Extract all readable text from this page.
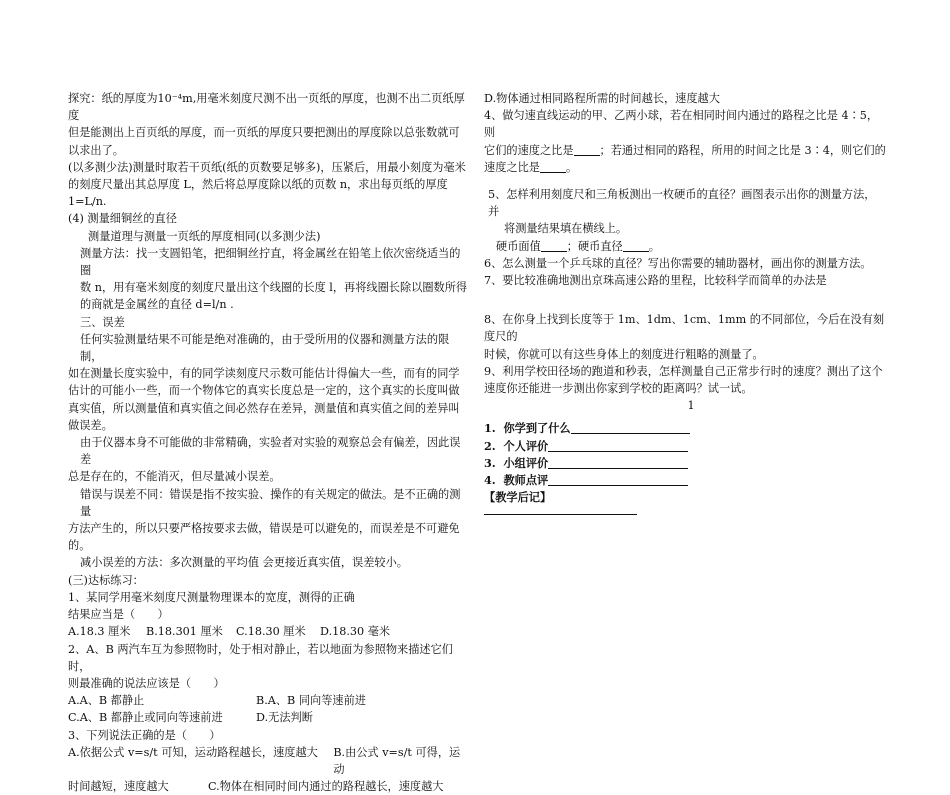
探究：纸的厚度为10⁻⁴m,用毫米刻度尺测不出一页纸的厚度，也测不出二页纸厚度

但是能测出上百页纸的厚度，而一页纸的厚度只要把测出的厚度除以总张数就可

以求出了。

(以多测少法)测量时取若干页纸(纸的页数要足够多)，压紧后，用最小刻度为毫米

的刻度尺量出其总厚度 L，然后将总厚度除以纸的页数 n，求出每页纸的厚度

1=L/n.

(4) 测量细铜丝的直径

测量道理与测量一页纸的厚度相同(以多测少法)

测量方法：找一支圆铅笔，把细铜丝拧直，将金属丝在铅笔上依次密绕适当的圈

数 n，用有毫米刻度的刻度尺量出这个线圈的长度 l，再将线圈长除以圈数所得

的商就是金属丝的直径 d=l/n .

三、误差

任何实验测量结果不可能是绝对准确的，由于受所用的仪器和测量方法的限制，

如在测量长度实验中，有的同学读刻度尺示数可能估计得偏大一些，而有的同学

估计的可能小一些，而一个物体它的真实长度总是一定的，这个真实的长度叫做

真实值，所以测量值和真实值之间必然存在差异，测量值和真实值之间的差异叫

做误差。

由于仪器本身不可能做的非常精确，实验者对实验的观察总会有偏差，因此误差

总是存在的，不能消灭，但尽量减小误差。

错误与误差不同：错误是指不按实验、操作的有关规定的做法。是不正确的测量

方法产生的，所以只要严格按要求去做，错误是可以避免的，而误差是不可避免的。

减小误差的方法：多次测量的平均值 会更接近真实值，误差较小。

(三)达标练习：

1、某同学用毫米刻度尺测量物理课本的宽度，测得的正确

结果应当是（　　）

A.18.3 厘米	B.18.301 厘米	C.18.30 厘米	D.18.30 毫米

2、A、B 两汽车互为参照物时，处于相对静止，若以地面为参照物来描述它们时，

则最准确的说法应该是（　　）

A.A、B 都静止	B.A、B 同向等速前进
C.A、B 都静止或同向等速前进	D.无法判断

3、下列说法正确的是（　　）

A.依据公式 v=s/t 可知，运动路程越长，速度越大	B.由公式 v=s/t 可得，运动
时间越短，速度越大	C.物体在相同时间内通过的路程越长，速度越大

D.物体通过相同路程所需的时间越长，速度越大

4、做匀速直线运动的甲、乙两小球，若在相同时间内通过的路程之比是 4∶5，则

它们的速度之比是 ；若通过相同的路程，所用的时间之比是 3∶4，则它们的

速度之比是 。

5、怎样利用刻度尺和三角板测出一枚硬币的直径？画图表示出你的测量方法，并

将测量结果填在横线上。

硬币面值 ；硬币直径 。

6、怎么测量一个乒乓球的直径？写出你需要的辅助器材，画出你的测量方法。

7、要比较准确地测出京珠高速公路的里程，比较科学而简单的办法是

8、在你身上找到长度等于 1m、1dm、1cm、1mm 的不同部位，今后在没有刻度尺的

时候，你就可以有这些身体上的刻度进行粗略的测量了。

9、利用学校田径场的跑道和秒表，怎样测量自己正常步行时的速度？测出了这个

速度你还能进一步测出你家到学校的距离吗？试一试。

1

1.  你学到了什么

2.  个人评价

3.  小组评价

4.  教师点评

【教学后记】
